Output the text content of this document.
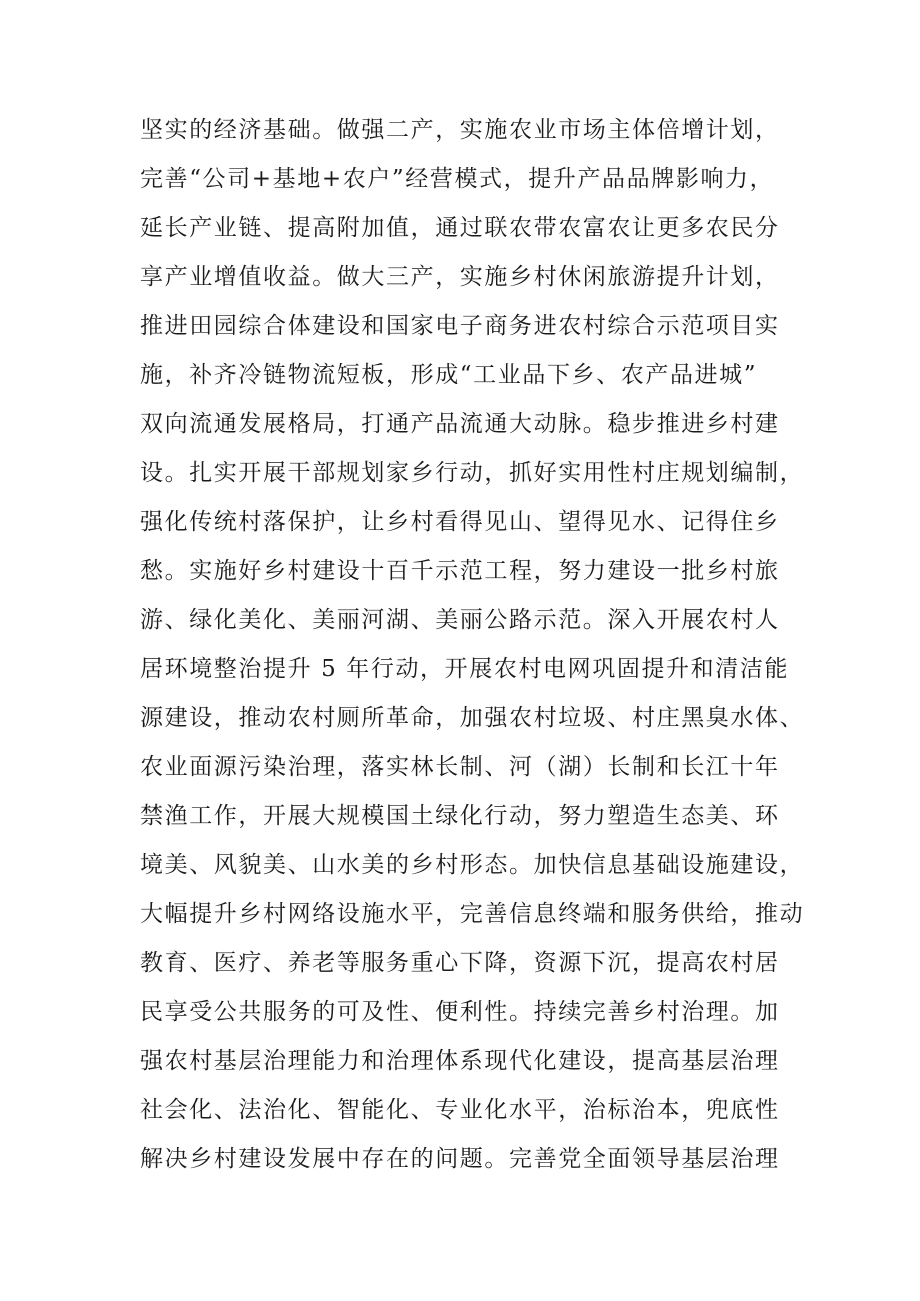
坚实的经济基础。做强二产，实施农业市场主体倍增计划，
完善“公司+基地+农户”经营模式，提升产品品牌影响力，
延长产业链、提高附加值，通过联农带农富农让更多农民分
享产业增值收益。做大三产，实施乡村休闲旅游提升计划，
推进田园综合体建设和国家电子商务进农村综合示范项目实
施，补齐冷链物流短板，形成“工业品下乡、农产品进城”
双向流通发展格局，打通产品流通大动脉。稳步推进乡村建
设。扎实开展干部规划家乡行动，抓好实用性村庄规划编制，
强化传统村落保护，让乡村看得见山、望得见水、记得住乡
愁。实施好乡村建设十百千示范工程，努力建设一批乡村旅
游、绿化美化、美丽河湖、美丽公路示范。深入开展农村人
居环境整治提升 5 年行动，开展农村电网巩固提升和清洁能
源建设，推动农村厕所革命，加强农村垃圾、村庄黑臭水体、
农业面源污染治理，落实林长制、河（湖）长制和长江十年
禁渔工作，开展大规模国土绿化行动，努力塑造生态美、环
境美、风貌美、山水美的乡村形态。加快信息基础设施建设，
大幅提升乡村网络设施水平，完善信息终端和服务供给，推动
教育、医疗、养老等服务重心下降，资源下沉，提高农村居
民享受公共服务的可及性、便利性。持续完善乡村治理。加
强农村基层治理能力和治理体系现代化建设，提高基层治理
社会化、法治化、智能化、专业化水平，治标治本，兜底性
解决乡村建设发展中存在的问题。完善党全面领导基层治理
